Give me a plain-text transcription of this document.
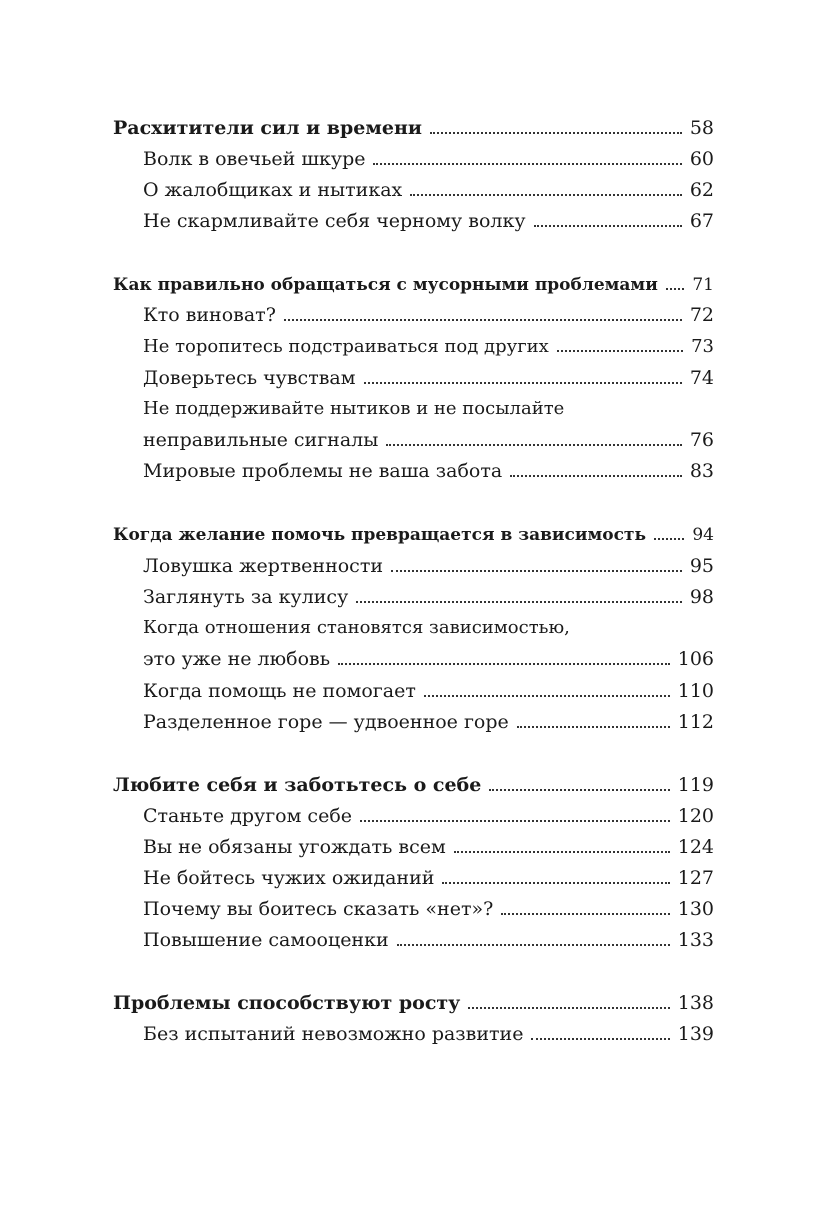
Расхитители сил и времени	58
Волк в овечьей шкуре	60
О жалобщиках и нытиках	62
Не скармливайте себя черному волку	67
Как правильно обращаться с мусорными проблемами	71
Кто виноват?	72
Не торопитесь подстраиваться под других	73
Доверьтесь чувствам	74
Не поддерживайте нытиков и не посылайте
неправильные сигналы	76
Мировые проблемы не ваша забота	83
Когда желание помочь превращается в зависимость	94
Ловушка жертвенности	95
Заглянуть за кулису	98
Когда отношения становятся зависимостью,
это уже не любовь	106
Когда помощь не помогает	110
Разделенное горе — удвоенное горе	112
Любите себя и заботьтесь о себе	119
Станьте другом себе	120
Вы не обязаны угождать всем	124
Не бойтесь чужих ожиданий	127
Почему вы боитесь сказать «нет»?	130
Повышение самооценки	133
Проблемы способствуют росту	138
Без испытаний невозможно развитие	139
